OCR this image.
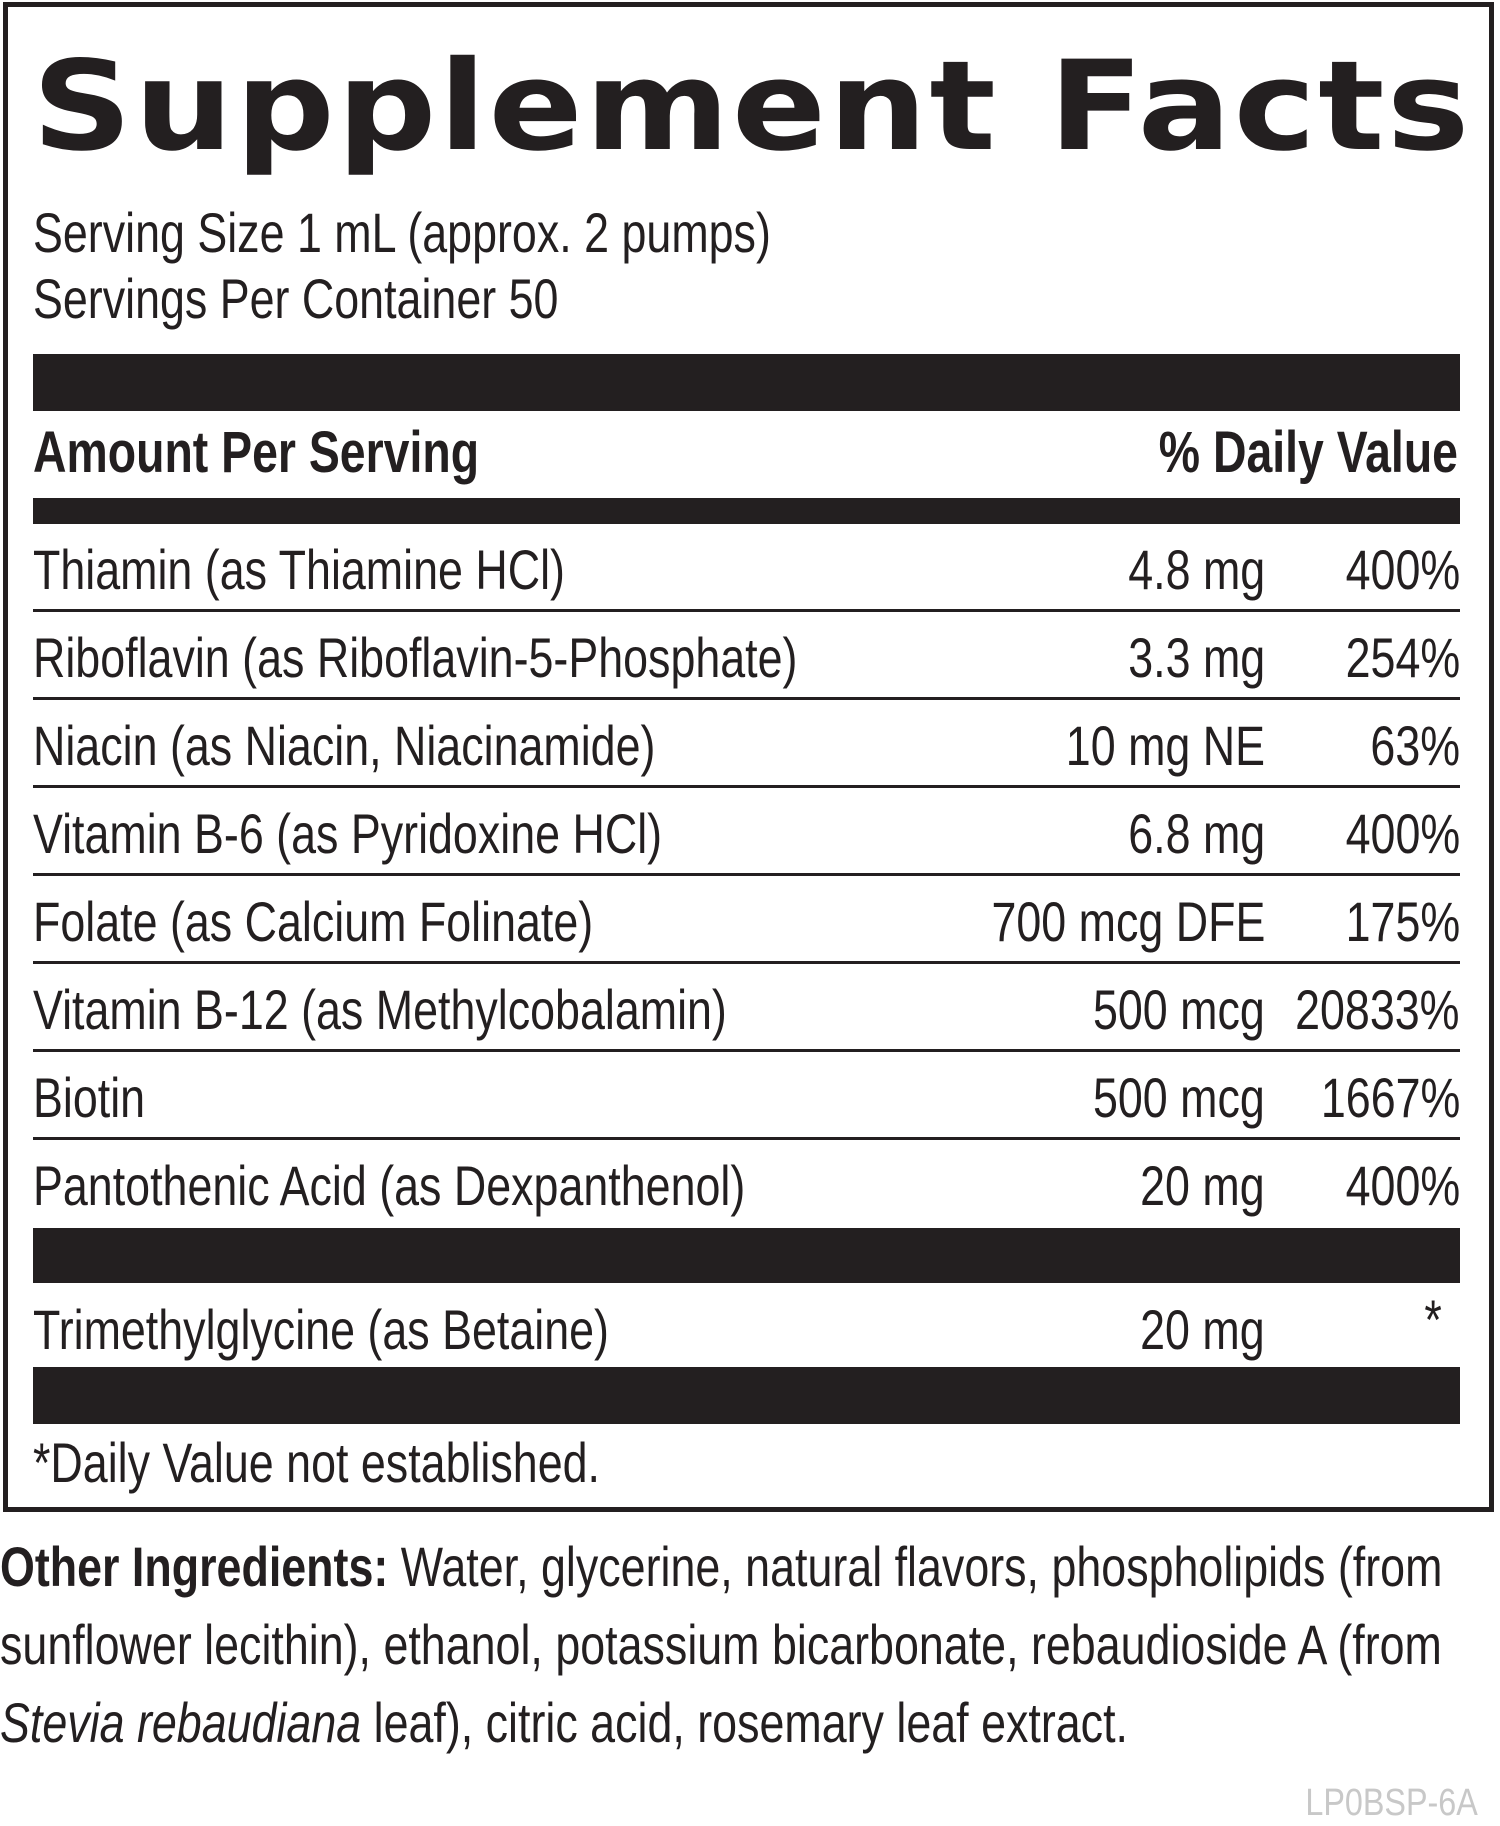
Supplement Facts
Serving Size 1 mL (approx. 2 pumps)
Servings Per Container 50
Amount Per Serving	% Daily Value
Thiamin (as Thiamine HCl)	4.8 mg 400%
Riboflavin (as Riboflavin-5-Phosphate)	3.3 mg 254%
Niacin (as Niacin, Niacinamide)	10 mg NE 63%
Vitamin B-6 (as Pyridoxine HCl)	6.8 mg 400%
Folate (as Calcium Folinate)	700 mcg DFE 175%
Vitamin B-12 (as Methylcobalamin)	500 mcg 20833%
Biotin	500 mcg 1667%
Pantothenic Acid (as Dexpanthenol)	20 mg 400%
Trimethylglycine (as Betaine)	20 mg	*
*Daily Value not established.
Other Ingredients: Water, glycerine, natural flavors, phospholipids (from sunflower lecithin), ethanol, potassium bicarbonate, rebaudioside A (from Stevia rebaudiana leaf), citric acid, rosemary leaf extract.
LP0BSP-6A
